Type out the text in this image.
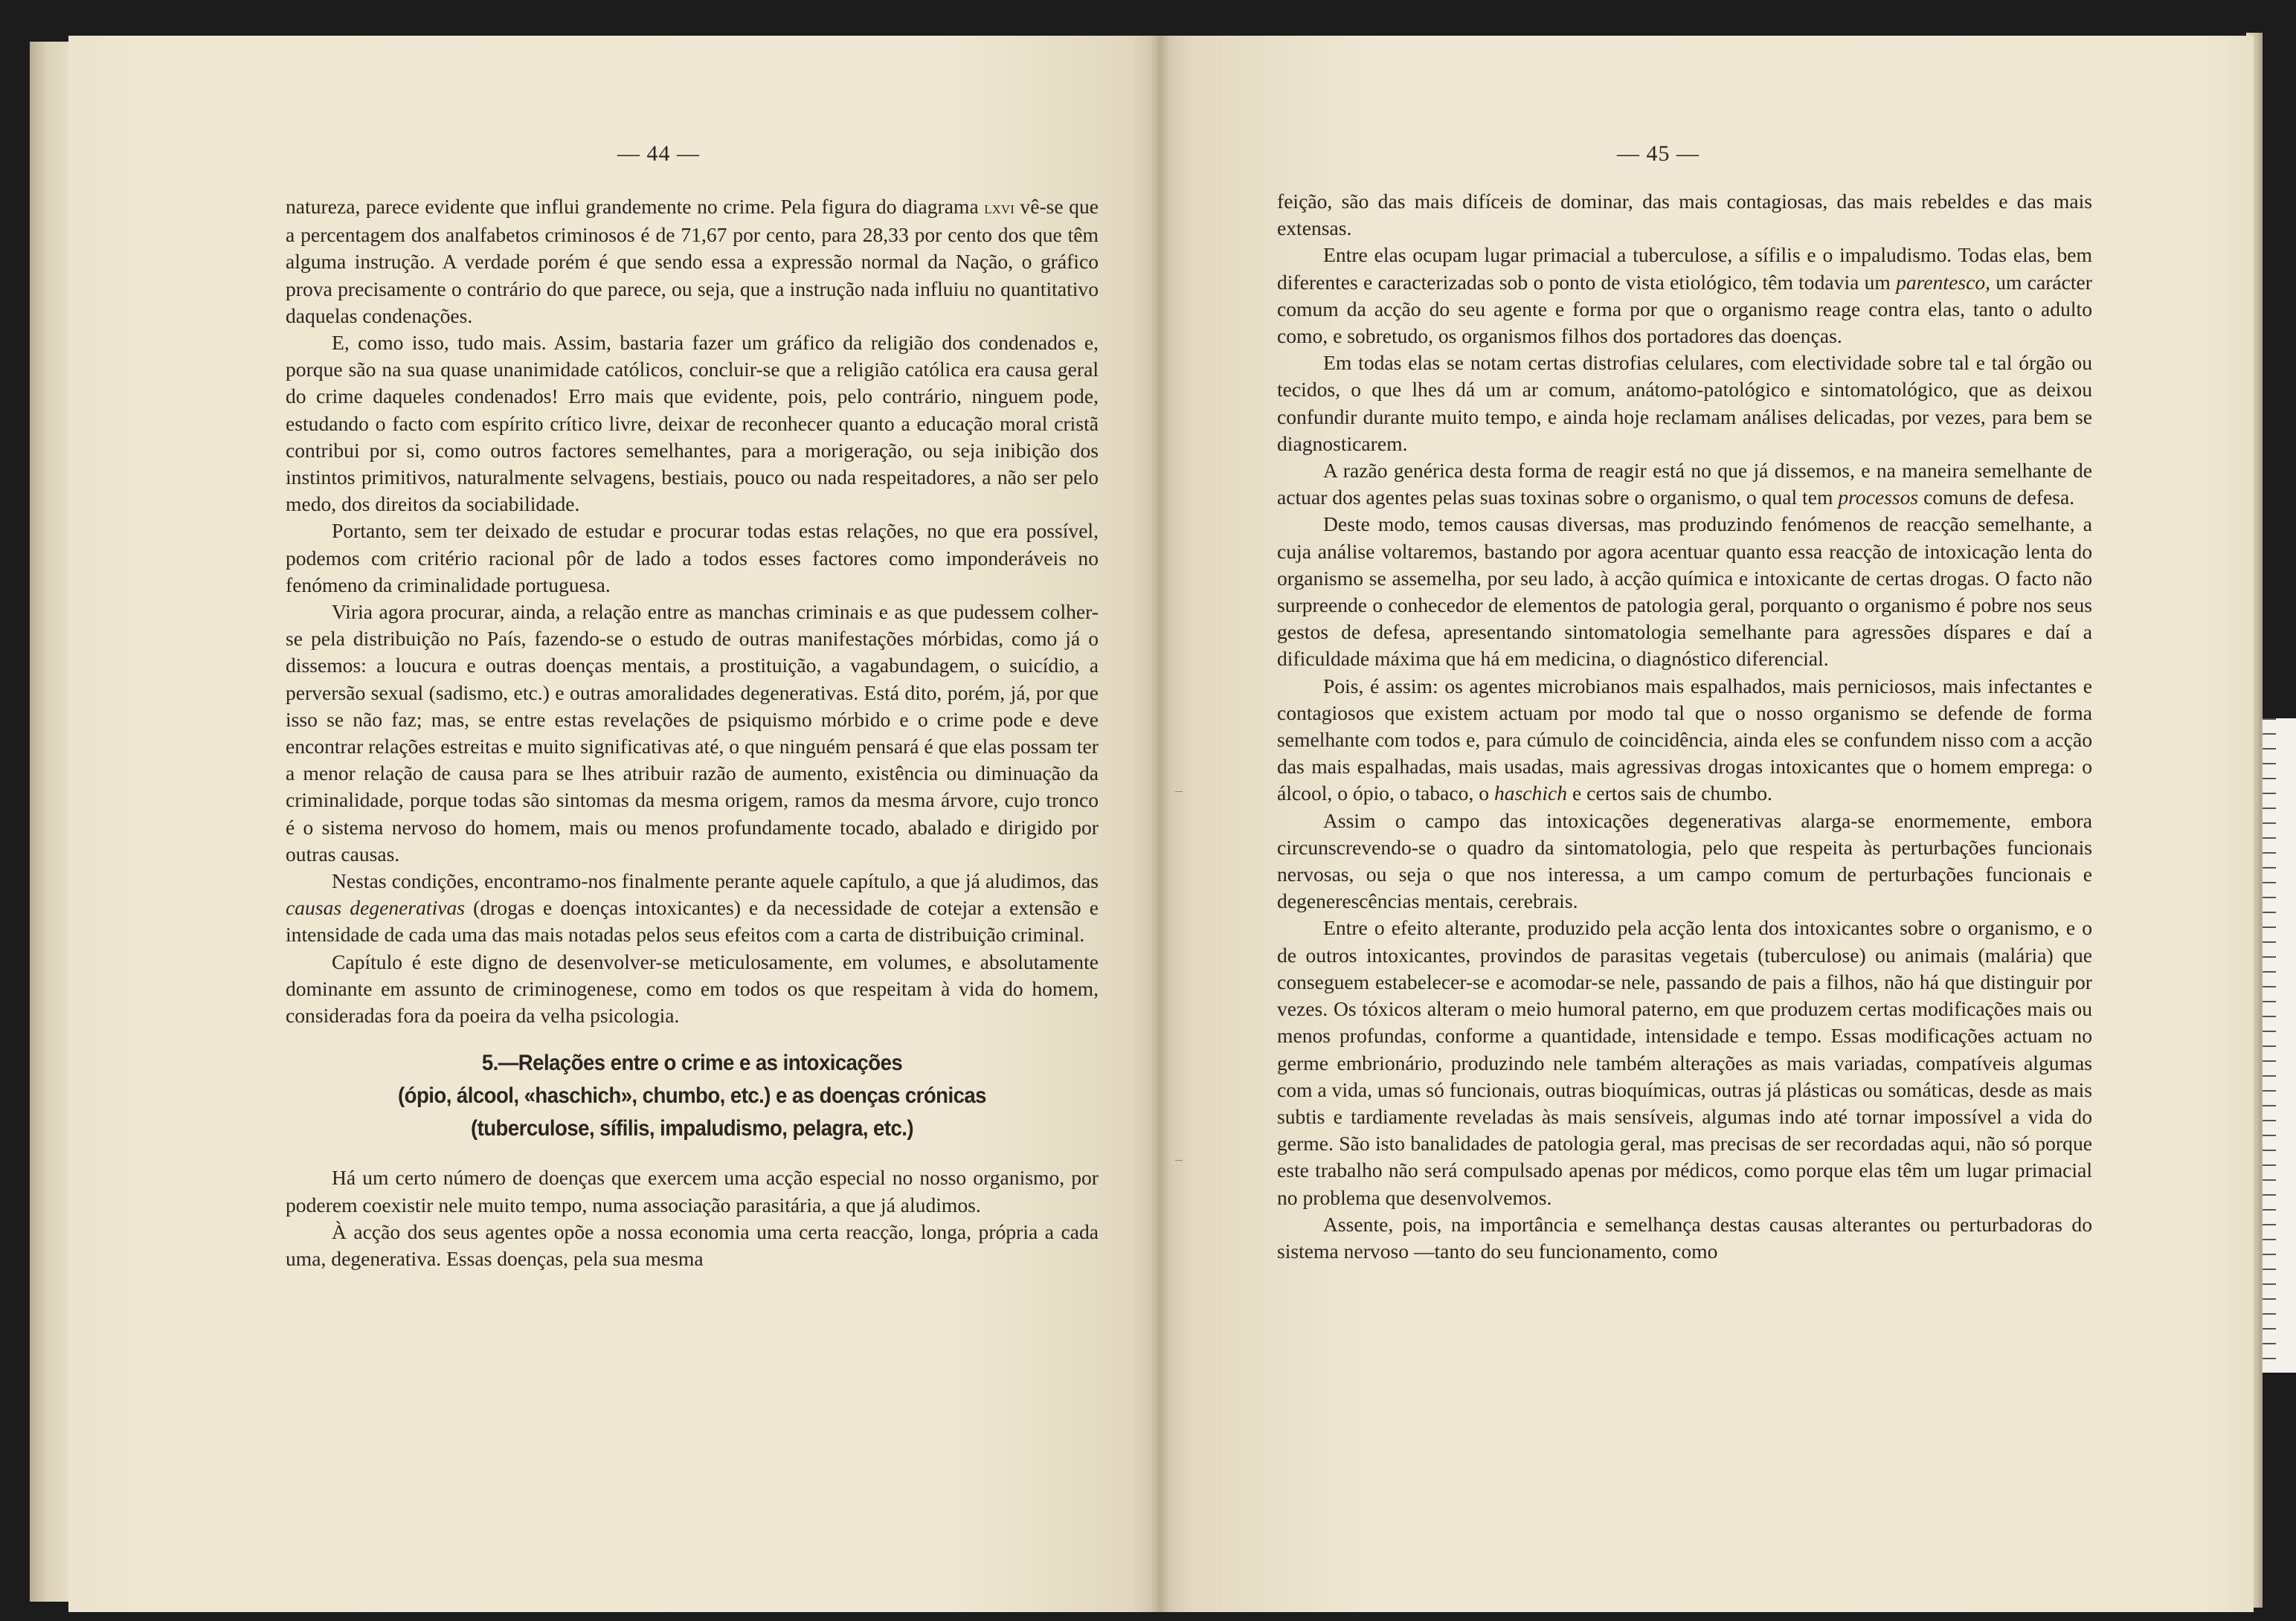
— 44 —

natureza, parece evidente que influi grandemente no crime. Pela figura do diagrama lxvi vê-se que a percentagem dos analfabetos criminosos é de 71,67 por cento, para 28,33 por cento dos que têm alguma instrução. A verdade porém é que sendo essa a expressão normal da Nação, o gráfico prova precisamente o contrário do que parece, ou seja, que a instrução nada influiu no quantitativo daquelas condenações.

E, como isso, tudo mais. Assim, bastaria fazer um gráfico da religião dos condenados e, porque são na sua quase unanimidade católicos, concluir-se que a religião católica era causa geral do crime daqueles condenados! Erro mais que evidente, pois, pelo contrário, ninguem pode, estudando o facto com espírito crítico livre, deixar de reconhecer quanto a educação moral cristã contribui por si, como outros factores semelhantes, para a morigeração, ou seja inibição dos instintos primitivos, naturalmente selvagens, bestiais, pouco ou nada respeitadores, a não ser pelo medo, dos direitos da sociabilidade.

Portanto, sem ter deixado de estudar e procurar todas estas relações, no que era possível, podemos com critério racional pôr de lado a todos esses factores como imponderáveis no fenómeno da criminalidade portuguesa.

Viria agora procurar, ainda, a relação entre as manchas criminais e as que pudessem colher-se pela distribuição no País, fazendo-se o estudo de outras manifestações mórbidas, como já o dissemos: a loucura e outras doenças mentais, a prostituição, a vagabundagem, o suicídio, a perversão sexual (sadismo, etc.) e outras amoralidades degenerativas. Está dito, porém, já, por que isso se não faz; mas, se entre estas revelações de psiquismo mórbido e o crime pode e deve encontrar relações estreitas e muito significativas até, o que ninguém pensará é que elas possam ter a menor relação de causa para se lhes atribuir razão de aumento, existência ou diminuação da criminalidade, porque todas são sintomas da mesma origem, ramos da mesma árvore, cujo tronco é o sistema nervoso do homem, mais ou menos profundamente tocado, abalado e dirigido por outras causas.

Nestas condições, encontramo-nos finalmente perante aquele capítulo, a que já aludimos, das causas degenerativas (drogas e doenças intoxicantes) e da necessidade de cotejar a extensão e intensidade de cada uma das mais notadas pelos seus efeitos com a carta de distribuição criminal.

Capítulo é este digno de desenvolver-se meticulosamente, em volumes, e absolutamente dominante em assunto de criminogenese, como em todos os que respeitam à vida do homem, consideradas fora da poeira da velha psicologia.

5.—Relações entre o crime e as intoxicações
(ópio, álcool, «haschich», chumbo, etc.) e as doenças crónicas
(tuberculose, sífilis, impaludismo, pelagra, etc.)

Há um certo número de doenças que exercem uma acção especial no nosso organismo, por poderem coexistir nele muito tempo, numa associação parasitária, a que já aludimos.

À acção dos seus agentes opõe a nossa economia uma certa reacção, longa, própria a cada uma, degenerativa. Essas doenças, pela sua mesma

— 45 —

feição, são das mais difíceis de dominar, das mais contagiosas, das mais rebeldes e das mais extensas.

Entre elas ocupam lugar primacial a tuberculose, a sífilis e o impaludismo. Todas elas, bem diferentes e caracterizadas sob o ponto de vista etiológico, têm todavia um parentesco, um carácter comum da acção do seu agente e forma por que o organismo reage contra elas, tanto o adulto como, e sobretudo, os organismos filhos dos portadores das doenças.

Em todas elas se notam certas distrofias celulares, com electividade sobre tal e tal órgão ou tecidos, o que lhes dá um ar comum, anátomo-patológico e sintomatológico, que as deixou confundir durante muito tempo, e ainda hoje reclamam análises delicadas, por vezes, para bem se diagnosticarem.

A razão genérica desta forma de reagir está no que já dissemos, e na maneira semelhante de actuar dos agentes pelas suas toxinas sobre o organismo, o qual tem processos comuns de defesa.

Deste modo, temos causas diversas, mas produzindo fenómenos de reacção semelhante, a cuja análise voltaremos, bastando por agora acentuar quanto essa reacção de intoxicação lenta do organismo se assemelha, por seu lado, à acção química e intoxicante de certas drogas. O facto não surpreende o conhecedor de elementos de patologia geral, porquanto o organismo é pobre nos seus gestos de defesa, apresentando sintomatologia semelhante para agressões díspares e daí a dificuldade máxima que há em medicina, o diagnóstico diferencial.

Pois, é assim: os agentes microbianos mais espalhados, mais perniciosos, mais infectantes e contagiosos que existem actuam por modo tal que o nosso organismo se defende de forma semelhante com todos e, para cúmulo de coincidência, ainda eles se confundem nisso com a acção das mais espalhadas, mais usadas, mais agressivas drogas intoxicantes que o homem emprega: o álcool, o ópio, o tabaco, o haschich e certos sais de chumbo.

Assim o campo das intoxicações degenerativas alarga-se enormemente, embora circunscrevendo-se o quadro da sintomatologia, pelo que respeita às perturbações funcionais nervosas, ou seja o que nos interessa, a um campo comum de perturbações funcionais e degenerescências mentais, cerebrais.

Entre o efeito alterante, produzido pela acção lenta dos intoxicantes sobre o organismo, e o de outros intoxicantes, provindos de parasitas vegetais (tuberculose) ou animais (malária) que conseguem estabelecer-se e acomodar-se nele, passando de pais a filhos, não há que distinguir por vezes. Os tóxicos alteram o meio humoral paterno, em que produzem certas modificações mais ou menos profundas, conforme a quantidade, intensidade e tempo. Essas modificações actuam no germe embrionário, produzindo nele também alterações as mais variadas, compatíveis algumas com a vida, umas só funcionais, outras bioquímicas, outras já plásticas ou somáticas, desde as mais subtis e tardiamente reveladas às mais sensíveis, algumas indo até tornar impossível a vida do germe. São isto banalidades de patologia geral, mas precisas de ser recordadas aqui, não só porque este trabalho não será compulsado apenas por médicos, como porque elas têm um lugar primacial no problema que desenvolvemos.

Assente, pois, na importância e semelhança destas causas alterantes ou perturbadoras do sistema nervoso —tanto do seu funcionamento, como
